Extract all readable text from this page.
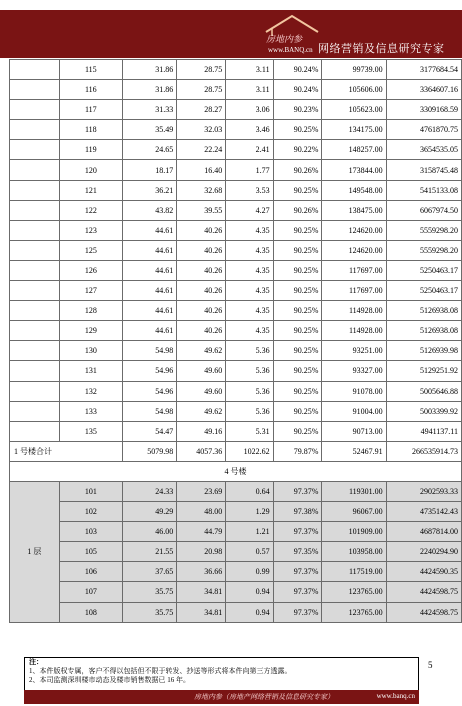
房地内参
www.BANQ.cn 网络营销及信息研究专家
	115	31.86	28.75	3.11	90.24%	99739.00	3177684.54
	116	31.86	28.75	3.11	90.24%	105606.00	3364607.16
	117	31.33	28.27	3.06	90.23%	105623.00	3309168.59
	118	35.49	32.03	3.46	90.25%	134175.00	4761870.75
	119	24.65	22.24	2.41	90.22%	148257.00	3654535.05
	120	18.17	16.40	1.77	90.26%	173844.00	3158745.48
	121	36.21	32.68	3.53	90.25%	149548.00	5415133.08
	122	43.82	39.55	4.27	90.26%	138475.00	6067974.50
	123	44.61	40.26	4.35	90.25%	124620.00	5559298.20
	125	44.61	40.26	4.35	90.25%	124620.00	5559298.20
	126	44.61	40.26	4.35	90.25%	117697.00	5250463.17
	127	44.61	40.26	4.35	90.25%	117697.00	5250463.17
	128	44.61	40.26	4.35	90.25%	114928.00	5126938.08
	129	44.61	40.26	4.35	90.25%	114928.00	5126938.08
	130	54.98	49.62	5.36	90.25%	93251.00	5126939.98
	131	54.96	49.60	5.36	90.25%	93327.00	5129251.92
	132	54.96	49.60	5.36	90.25%	91078.00	5005646.88
	133	54.98	49.62	5.36	90.25%	91004.00	5003399.92
	135	54.47	49.16	5.31	90.25%	90713.00	4941137.11
1 号楼合计		5079.98	4057.36	1022.62	79.87%	52467.91	266535914.73
4 号楼							
1 层	101	24.33	23.69	0.64	97.37%	119301.00	2902593.33
	102	49.29	48.00	1.29	97.38%	96067.00	4735142.43
	103	46.00	44.79	1.21	97.37%	101909.00	4687814.00
	105	21.55	20.98	0.57	97.35%	103958.00	2240294.90
	106	37.65	36.66	0.99	97.37%	117519.00	4424590.35
	107	35.75	34.81	0.94	97.37%	123765.00	4424598.75
	108	35.75	34.81	0.94	97.37%	123765.00	4424598.75
5
注：
1、本件版权专属，客户不得以包括但不限于转发、抄送等形式将本件向第三方透露。
2、本司监测深圳楼市动态及楼市销售数据已 16 年。
房地内参（房地产网络营销及信息研究专家）	www.banq.cn
